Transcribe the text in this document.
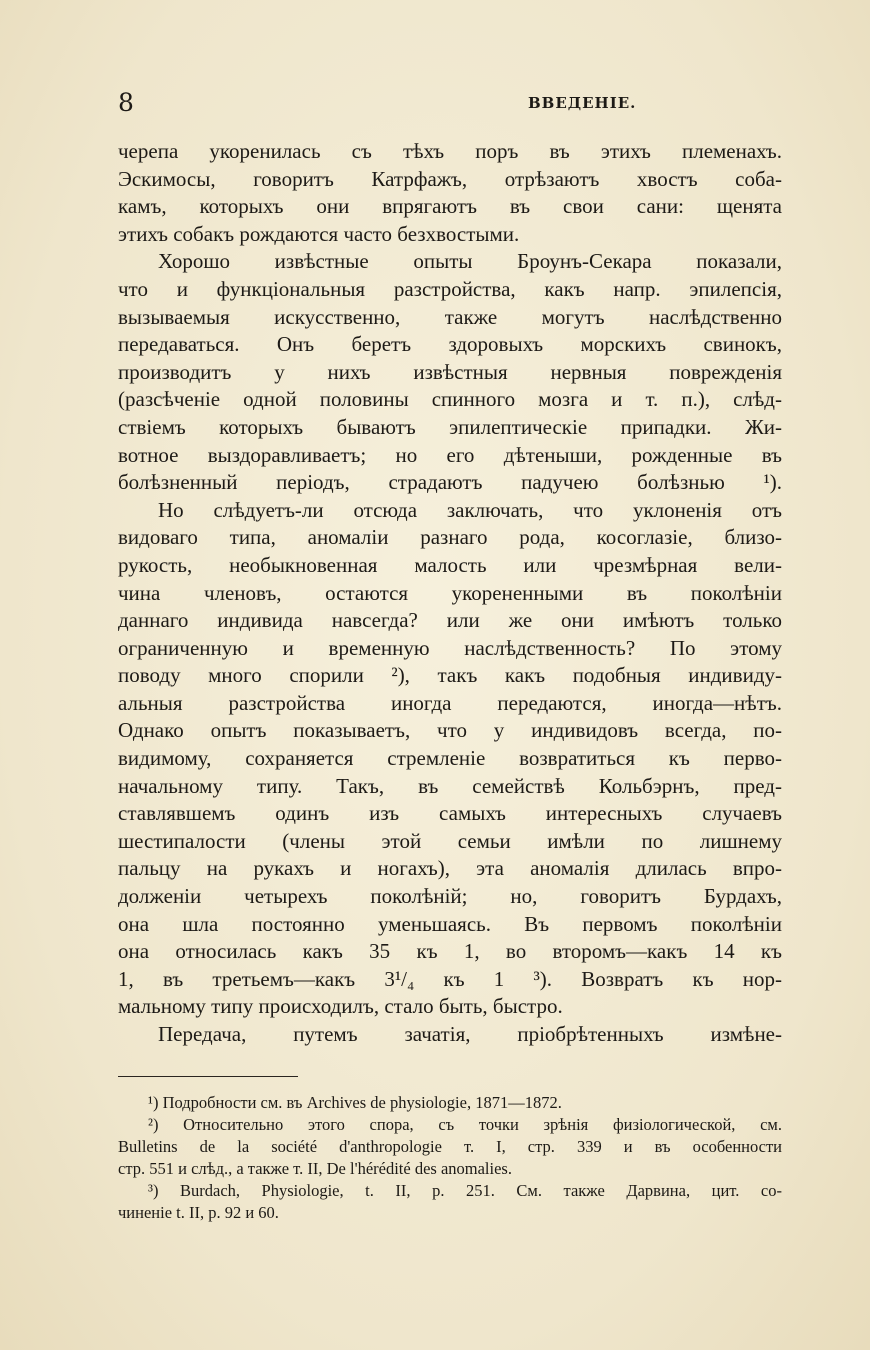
8	ВВЕДЕНІЕ.
черепа укоренилась съ тѣхъ поръ въ этихъ племенахъ.
Эскимосы, говоритъ Катрфажъ, отрѣзаютъ хвостъ соба-
камъ, которыхъ они впрягаютъ въ свои сани: щенята
этихъ собакъ рождаются часто безхвостыми.
Хорошо извѣстные опыты Броунъ-Секара показали,
что и функціональныя разстройства, какъ напр. эпилепсія,
вызываемыя искусственно, также могутъ наслѣдственно
передаваться. Онъ беретъ здоровыхъ морскихъ свинокъ,
производитъ у нихъ извѣстныя нервныя поврежденія
(разсѣченіе одной половины спинного мозга и т. п.), слѣд-
ствіемъ которыхъ бываютъ эпилептическіе припадки. Жи-
вотное выздоравливаетъ; но его дѣтеныши, рожденные въ
болѣзненный періодъ, страдаютъ падучею болѣзнью ¹).
Но слѣдуетъ-ли отсюда заключать, что уклоненія отъ
видоваго типа, аномаліи разнаго рода, косоглазіе, близо-
рукость, необыкновенная малость или чрезмѣрная вели-
чина членовъ, остаются укорененными въ поколѣніи
даннаго индивида навсегда? или же они имѣютъ только
ограниченную и временную наслѣдственность? По этому
поводу много спорили ²), такъ какъ подобныя индивиду-
альныя разстройства иногда передаются, иногда—нѣтъ.
Однако опытъ показываетъ, что у индивидовъ всегда, по-
видимому, сохраняется стремленіе возвратиться къ перво-
начальному типу. Такъ, въ семействѣ Кольбэрнъ, пред-
ставлявшемъ одинъ изъ самыхъ интересныхъ случаевъ
шестипалости (члены этой семьи имѣли по лишнему
пальцу на рукахъ и ногахъ), эта аномалія длилась впро-
долженіи четырехъ поколѣній; но, говоритъ Бурдахъ,
она шла постоянно уменьшаясь. Въ первомъ поколѣніи
она относилась какъ 35 къ 1, во второмъ—какъ 14 къ
1, въ третьемъ—какъ 3¹/₄ къ 1 ³). Возвратъ къ нор-
мальному типу происходилъ, стало быть, быстро.
Передача, путемъ зачатія, пріобрѣтенныхъ измѣне-
¹) Подробности см. въ Archives de physiologie, 1871—1872.
²) Относительно этого спора, съ точки зрѣнія физіологической, см.
Bulletins de la société d'anthropologie т. I, стр. 339 и въ особенности
стр. 551 и слѣд., а также т. II, De l'hérédité des anomalies.
³) Burdach, Physiologie, t. II, p. 251. См. также Дарвина, цит. со-
чиненіе t. II, p. 92 и 60.
